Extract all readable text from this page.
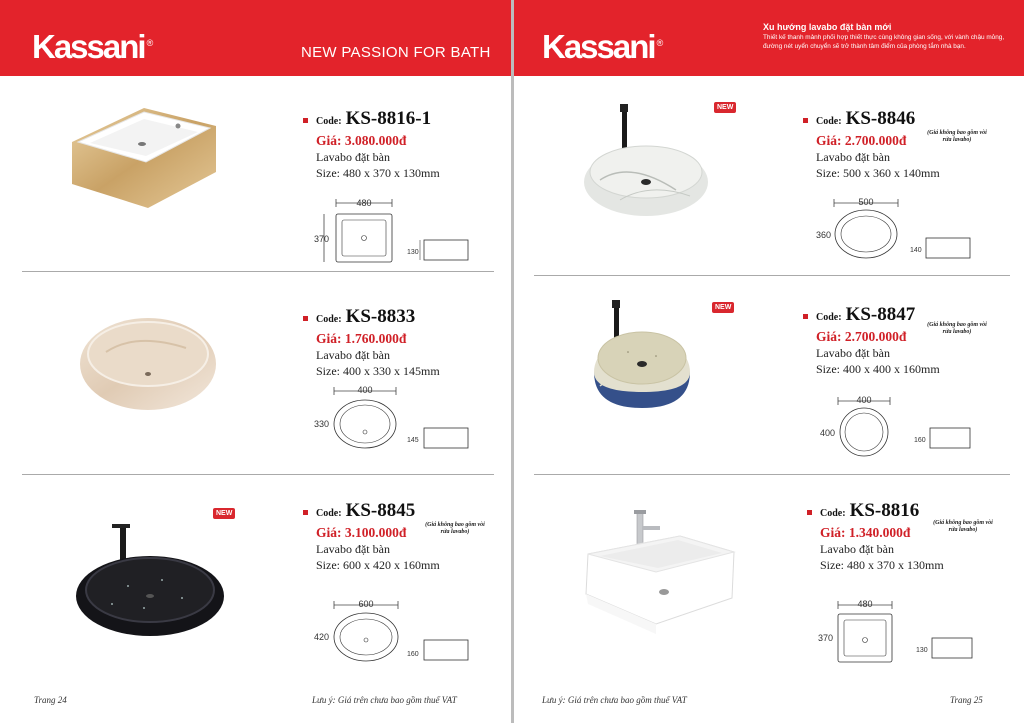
Kassani ®
NEW PASSION FOR BATH
Code: KS-8816-1
Giá: 3.080.000đ
Lavabo đặt bàn
Size: 480 x 370 x 130mm
480
370
130
Code: KS-8833
Giá: 1.760.000đ
Lavabo đặt bàn
Size: 400 x 330 x 145mm
400
330
145
NEW	Code: KS-8845
Giá: 3.100.000đ
Lavabo đặt bàn
Size: 600 x 420 x 160mm
(Giá không bao gồm vòi rửa lavabo)
600
420
160
Trang 24	Lưu ý: Giá trên chưa bao gồm thuế VAT
Kassani ®
Xu hướng lavabo đặt bàn mới
Thiết kế thanh mảnh phối hợp thiết thực cùng không gian sống, với vành chậu mỏng, đường nét uyển chuyển sẽ trở thành tâm điểm của phòng tắm nhà bạn.
NEW
Code: KS-8846
Giá: 2.700.000đ
Lavabo đặt bàn
Size: 500 x 360 x 140mm
(Giá không bao gồm vòi rửa lavabo)
500
360
140
NEW
Code: KS-8847
Giá: 2.700.000đ
Lavabo đặt bàn
Size: 400 x 400 x 160mm
(Giá không bao gồm vòi rửa lavabo)
400
400
160
Code: KS-8816
Giá: 1.340.000đ
Lavabo đặt bàn
Size: 480 x 370 x 130mm
(Giá không bao gồm vòi rửa lavabo)
480
370
130
Lưu ý: Giá trên chưa bao gồm thuế VAT	Trang 25
